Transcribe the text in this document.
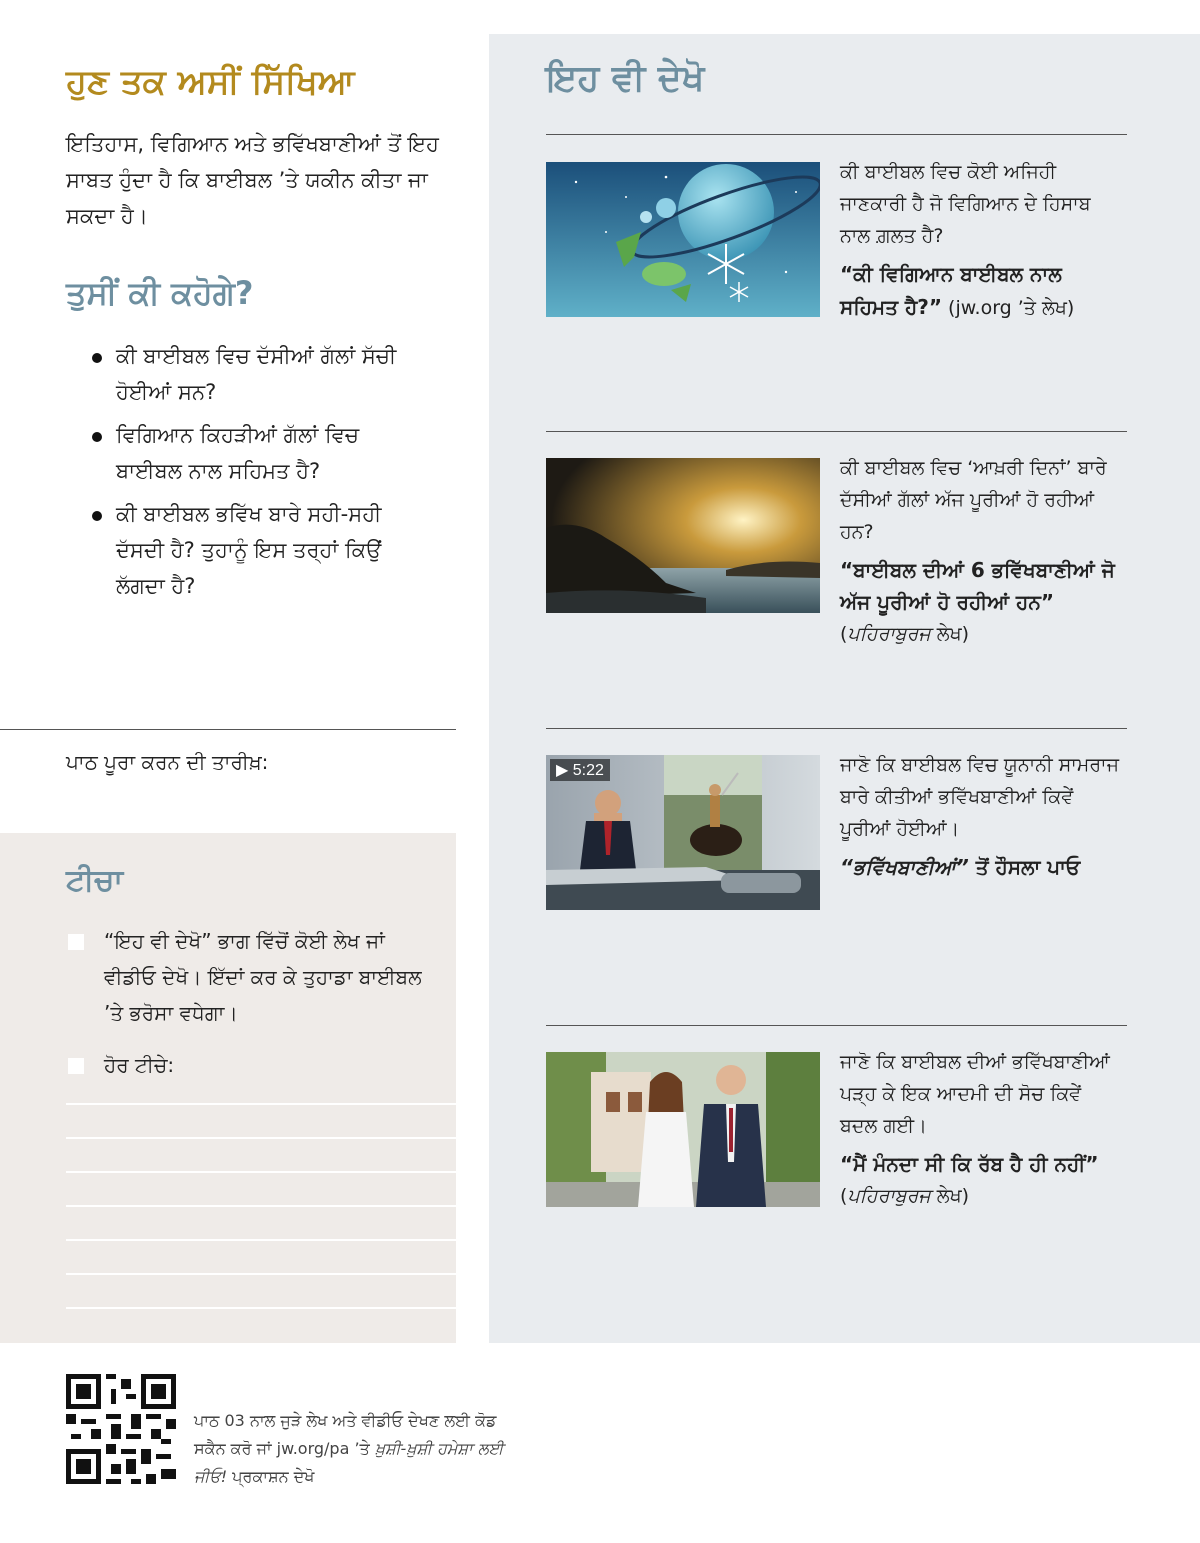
ਹੁਣ ਤਕ ਅਸੀਂ ਸਿੱਖਿਆ

ਇਤਿਹਾਸ, ਵਿਗਿਆਨ ਅਤੇ ਭਵਿੱਖਬਾਣੀਆਂ ਤੋਂ ਇਹ ਸਾਬਤ ਹੁੰਦਾ ਹੈ ਕਿ ਬਾਈਬਲ ’ਤੇ ਯਕੀਨ ਕੀਤਾ ਜਾ ਸਕਦਾ ਹੈ।

ਤੁਸੀਂ ਕੀ ਕਹੋਗੇ?
ਕੀ ਬਾਈਬਲ ਵਿਚ ਦੱਸੀਆਂ ਗੱਲਾਂ ਸੱਚੀ ਹੋਈਆਂ ਸਨ?
ਵਿਗਿਆਨ ਕਿਹੜੀਆਂ ਗੱਲਾਂ ਵਿਚ ਬਾਈਬਲ ਨਾਲ ਸਹਿਮਤ ਹੈ?
ਕੀ ਬਾਈਬਲ ਭਵਿੱਖ ਬਾਰੇ ਸਹੀ-ਸਹੀ ਦੱਸਦੀ ਹੈ? ਤੁਹਾਨੂੰ ਇਸ ਤਰ੍ਹਾਂ ਕਿਉਂ ਲੱਗਦਾ ਹੈ?
ਪਾਠ ਪੂਰਾ ਕਰਨ ਦੀ ਤਾਰੀਖ਼:
ਟੀਚਾ
“ਇਹ ਵੀ ਦੇਖੋ” ਭਾਗ ਵਿੱਚੋਂ ਕੋਈ ਲੇਖ ਜਾਂ ਵੀਡੀਓ ਦੇਖੋ। ਇੱਦਾਂ ਕਰ ਕੇ ਤੁਹਾਡਾ ਬਾਈਬਲ ’ਤੇ ਭਰੋਸਾ ਵਧੇਗਾ।
ਹੋਰ ਟੀਚੇ:
ਇਹ ਵੀ ਦੇਖੋ
ਕੀ ਬਾਈਬਲ ਵਿਚ ਕੋਈ ਅਜਿਹੀ ਜਾਣਕਾਰੀ ਹੈ ਜੋ ਵਿਗਿਆਨ ਦੇ ਹਿਸਾਬ ਨਾਲ ਗ਼ਲਤ ਹੈ?
“ਕੀ ਵਿਗਿਆਨ ਬਾਈਬਲ ਨਾਲ ਸਹਿਮਤ ਹੈ?” (jw.org ’ਤੇ ਲੇਖ)
ਕੀ ਬਾਈਬਲ ਵਿਚ ‘ਆਖ਼ਰੀ ਦਿਨਾਂ’ ਬਾਰੇ ਦੱਸੀਆਂ ਗੱਲਾਂ ਅੱਜ ਪੂਰੀਆਂ ਹੋ ਰਹੀਆਂ ਹਨ?
“ਬਾਈਬਲ ਦੀਆਂ 6 ਭਵਿੱਖਬਾਣੀਆਂ ਜੋ ਅੱਜ ਪੂਰੀਆਂ ਹੋ ਰਹੀਆਂ ਹਨ”
(ਪਹਿਰਾਬੁਰਜ ਲੇਖ)
▶ 5:22	ਜਾਣੋ ਕਿ ਬਾਈਬਲ ਵਿਚ ਯੂਨਾਨੀ ਸਾਮਰਾਜ ਬਾਰੇ ਕੀਤੀਆਂ ਭਵਿੱਖਬਾਣੀਆਂ ਕਿਵੇਂ ਪੂਰੀਆਂ ਹੋਈਆਂ।
“ਭਵਿੱਖਬਾਣੀਆਂ” ਤੋਂ ਹੌਸਲਾ ਪਾਓ
ਜਾਣੋ ਕਿ ਬਾਈਬਲ ਦੀਆਂ ਭਵਿੱਖਬਾਣੀਆਂ ਪੜ੍ਹ ਕੇ ਇਕ ਆਦਮੀ ਦੀ ਸੋਚ ਕਿਵੇਂ ਬਦਲ ਗਈ।
“ਮੈਂ ਮੰਨਦਾ ਸੀ ਕਿ ਰੱਬ ਹੈ ਹੀ ਨਹੀਂ”
(ਪਹਿਰਾਬੁਰਜ ਲੇਖ)
ਪਾਠ 03 ਨਾਲ ਜੁੜੇ ਲੇਖ ਅਤੇ ਵੀਡੀਓ ਦੇਖਣ ਲਈ ਕੋਡ ਸਕੈਨ ਕਰੋ ਜਾਂ jw.org/pa ’ਤੇ ਖ਼ੁਸ਼ੀ-ਖ਼ੁਸ਼ੀ ਹਮੇਸ਼ਾ ਲਈ ਜੀਓ! ਪ੍ਰਕਾਸ਼ਨ ਦੇਖੋ
